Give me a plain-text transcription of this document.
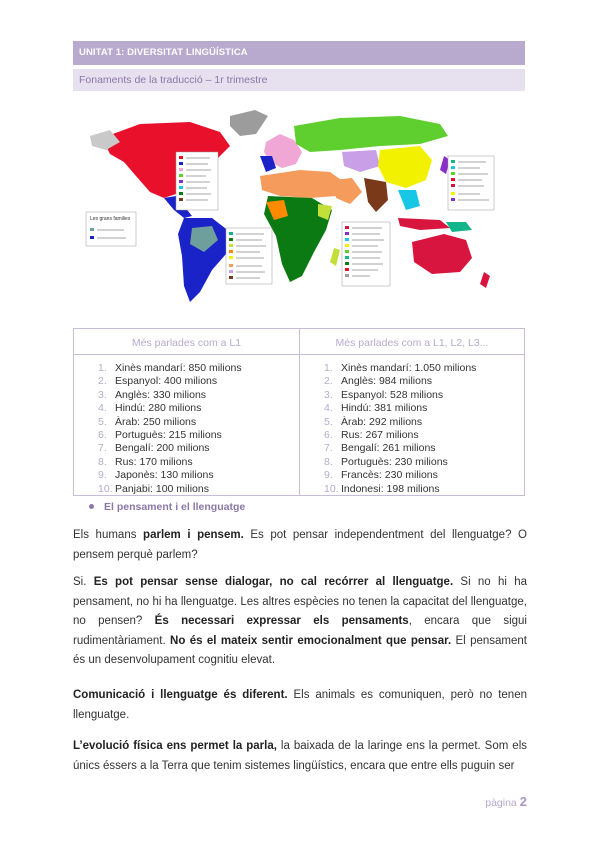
UNITAT 1: DIVERSITAT LINGÜÍSTICA
Fonaments de la traducció – 1r trimestre
Les grans families
Més parlades com a L1
1. Xinès mandarí: 850 milions
2. Espanyol: 400 milions
3. Anglès: 330 milions
4. Hindú: 280 milions
5. Àrab: 250 milions
6. Portuguès: 215 milions
7. Bengalí: 200 milions
8. Rus: 170 milions
9. Japonès: 130 milions
10. Panjabi: 100 milions
Més parlades com a L1, L2, L3...
1. Xinès mandarí: 1.050 milions
2. Anglès: 984 milions
3. Espanyol: 528 milions
4. Hindú: 381 milions
5. Àrab: 292 milions
6. Rus: 267 milions
7. Bengalí: 261 milions
8. Portuguès: 230 milions
9. Francès: 230 milions
10. Indonesi: 198 milions
El pensament i el llenguatge
Els humans parlem i pensem. Es pot pensar independentment del llenguatge? O pensem perquè parlem?
Si. Es pot pensar sense dialogar, no cal recórrer al llenguatge. Si no hi ha pensament, no hi ha llenguatge. Les altres espècies no tenen la capacitat del llenguatge, no pensen? És necessari expressar els pensaments, encara que sigui rudimentàriament. No és el mateix sentir emocionalment que pensar. El pensament és un desenvolupament cognitiu elevat.
Comunicació i llenguatge és diferent. Els animals es comuniquen, però no tenen llenguatge.
L’evolució física ens permet la parla, la baixada de la laringe ens la permet. Som els únics éssers a la Terra que tenim sistemes lingüístics, encara que entre ells puguin ser
pàgina 2
